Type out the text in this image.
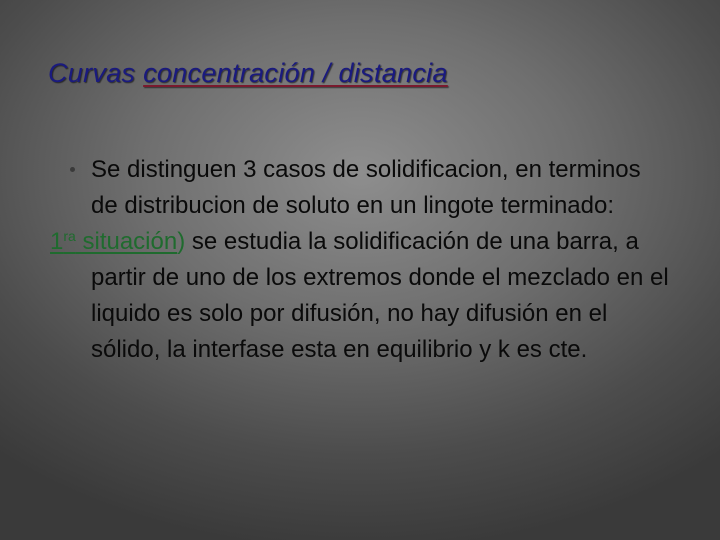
Curvas concentración / distancia

Se distinguen 3 casos de solidificacion, en terminos de distribucion de soluto en un lingote terminado:

$1^{ra}$ situación) se estudia la solidificación de una barra, a partir de uno de los extremos donde el mezclado en el liquido es solo por difusión, no hay difusión en el sólido, la interfase esta en equilibrio y k es cte.
